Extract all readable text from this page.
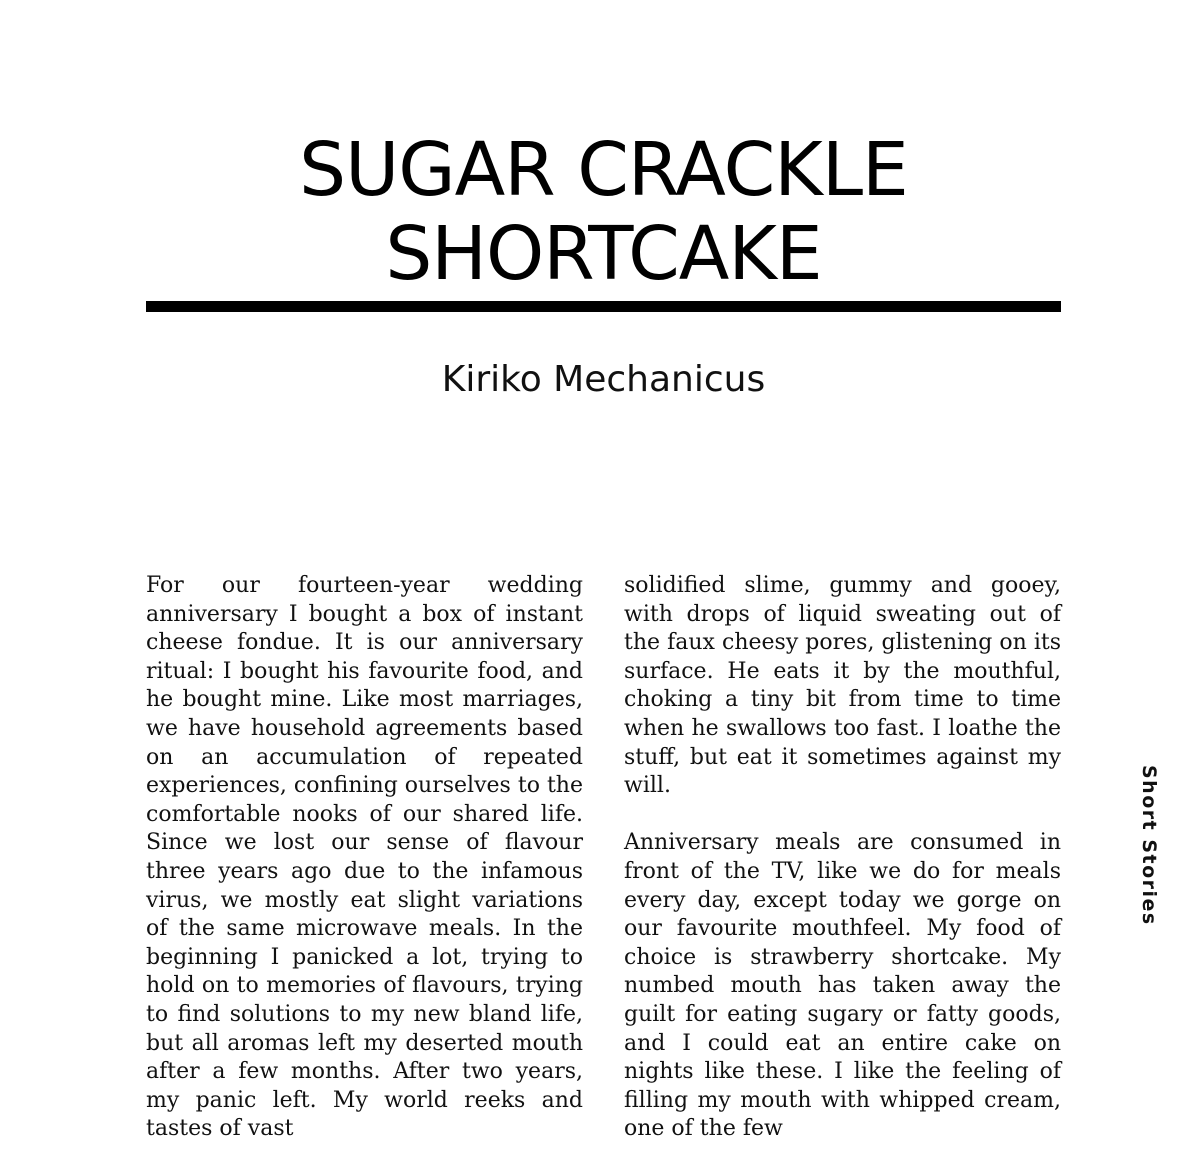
SUGAR CRACKLE
SHORTCAKE
Kiriko Mechanicus

For our fourteen-year wedding anniversary I bought a box of instant cheese fondue. It is our anniversary ritual: I bought his favourite food, and he bought mine. Like most marriages, we have household agreements based on an accumulation of repeated experiences, confining ourselves to the comfortable nooks of our shared life. Since we lost our sense of flavour three years ago due to the infamous virus, we mostly eat slight variations of the same microwave meals. In the beginning I panicked a lot, trying to hold on to memories of flavours, trying to find solutions to my new bland life, but all aromas left my deserted mouth after a few months. After two years, my panic left. My world reeks and tastes of vast

solidified slime, gummy and gooey, with drops of liquid sweating out of the faux cheesy pores, glistening on its surface. He eats it by the mouthful, choking a tiny bit from time to time when he swallows too fast. I loathe the stuff, but eat it sometimes against my will.

Anniversary meals are consumed in front of the TV, like we do for meals every day, except today we gorge on our favourite mouthfeel. My food of choice is strawberry shortcake. My numbed mouth has taken away the guilt for eating sugary or fatty goods, and I could eat an entire cake on nights like these. I like the feeling of filling my mouth with whipped cream, one of the few

Short Stories
